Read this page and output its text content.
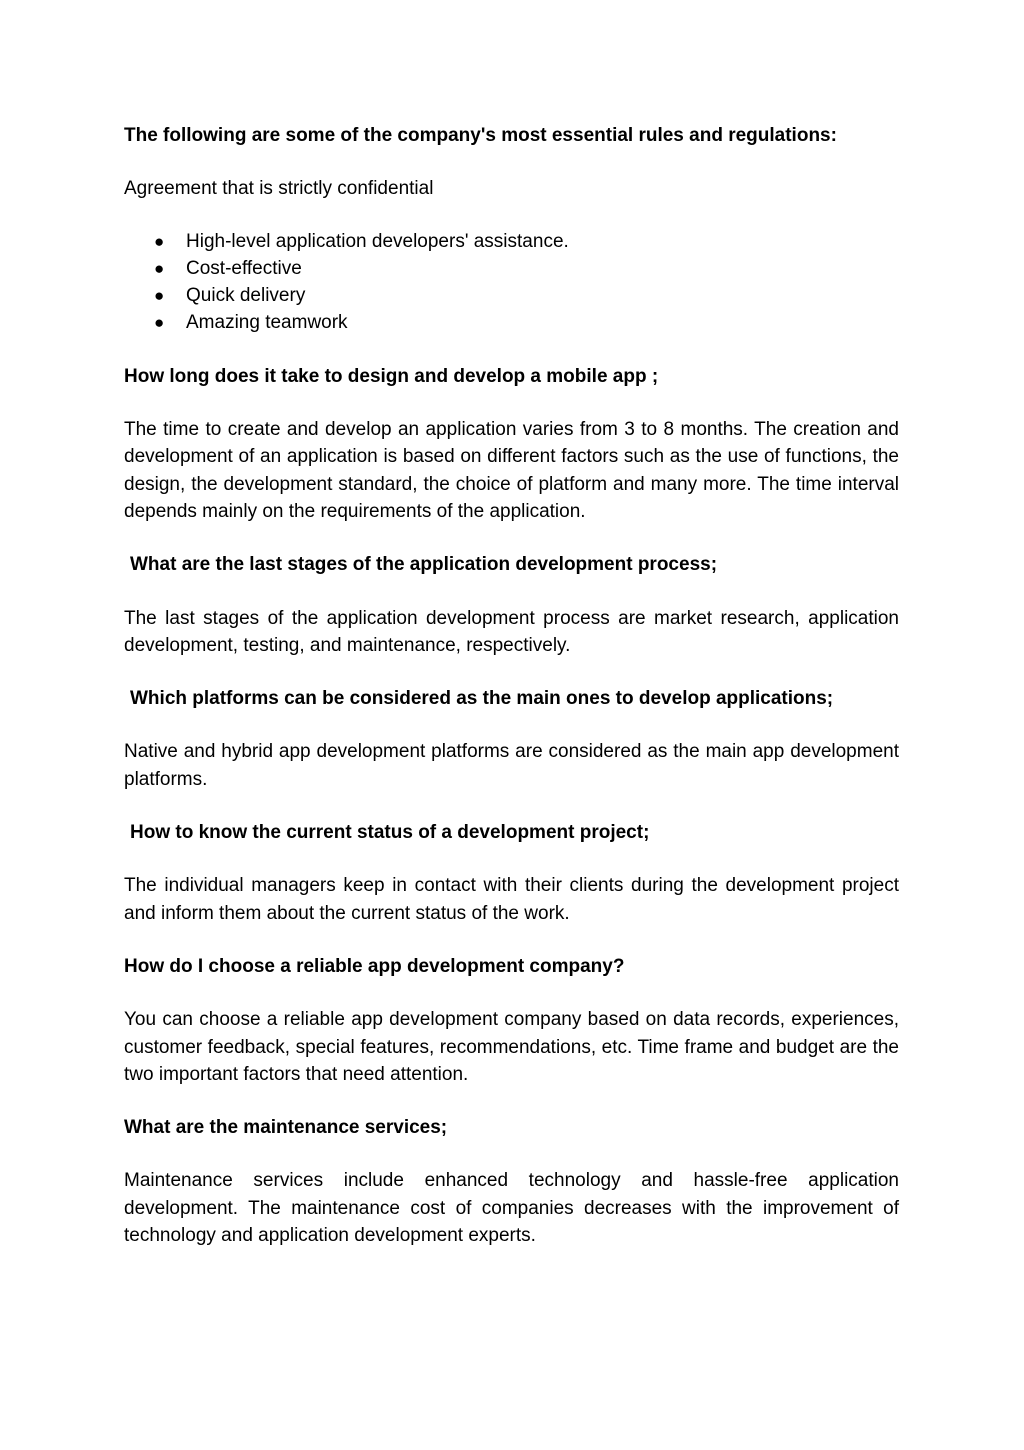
The following are some of the company's most essential rules and regulations:

Agreement that is strictly confidential

● High-level application developers' assistance.
● Cost-effective
● Quick delivery
● Amazing teamwork

How long does it take to design and develop a mobile app ;

The time to create and develop an application varies from 3 to 8 months. The creation and development of an application is based on different factors such as the use of functions, the design, the development standard, the choice of platform and many more. The time interval depends mainly on the requirements of the application.

What are the last stages of the application development process;

The last stages of the application development process are market research, application development, testing, and maintenance, respectively.

Which platforms can be considered as the main ones to develop applications;

Native and hybrid app development platforms are considered as the main app development platforms.

How to know the current status of a development project;

The individual managers keep in contact with their clients during the development project and inform them about the current status of the work.

How do I choose a reliable app development company?

You can choose a reliable app development company based on data records, experiences, customer feedback, special features, recommendations, etc. Time frame and budget are the two important factors that need attention.

What are the maintenance services;

Maintenance services include enhanced technology and hassle-free application development. The maintenance cost of companies decreases with the improvement of technology and application development experts.
